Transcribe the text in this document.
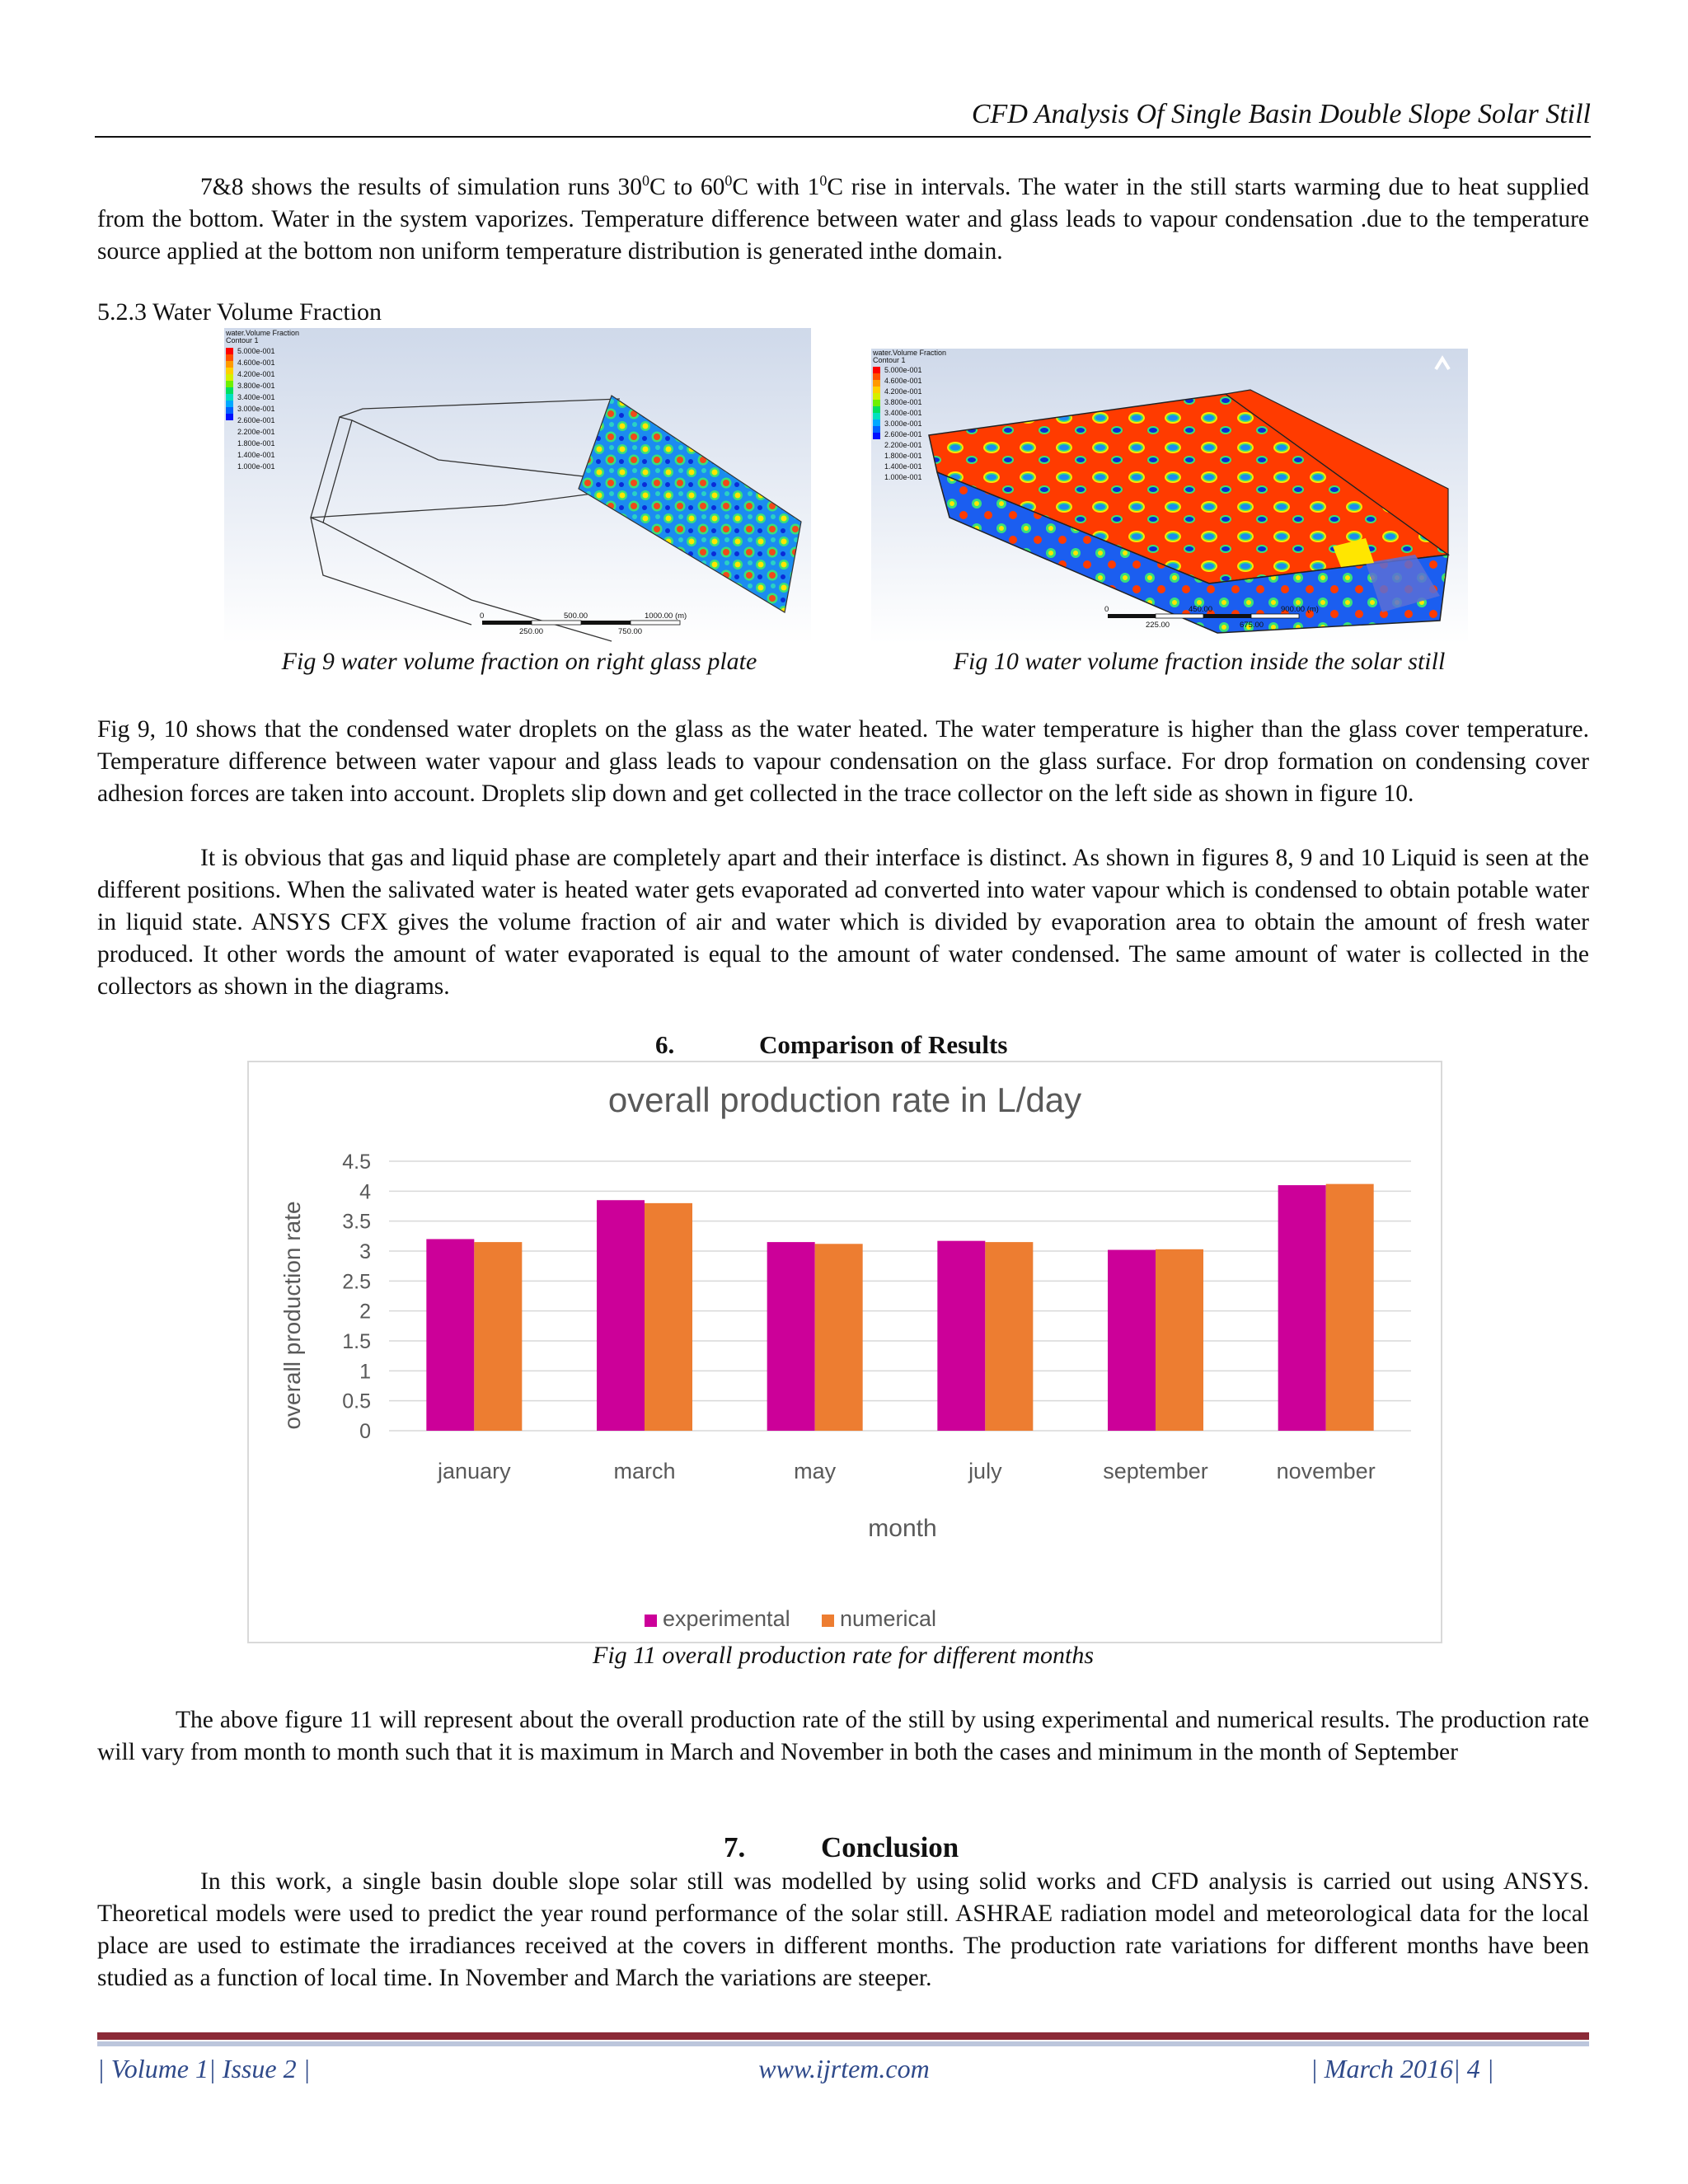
CFD Analysis Of Single Basin Double Slope Solar Still
7&8 shows the results of simulation runs $30^0C$ to $60^0C$ with $1^0C$ rise in intervals. The water in the still starts warming due to heat supplied from the bottom. Water in the system vaporizes. Temperature difference between water and glass leads to vapour condensation .due to the temperature source applied at the bottom non uniform temperature distribution is generated inthe domain.
5.2.3 Water Volume Fraction
water.Volume Fraction
Contour 1
5.000e-001
4.600e-001
4.200e-001
3.800e-001
3.400e-001
3.000e-001
2.600e-001
2.200e-001
1.800e-001
1.400e-001
1.000e-001
0	500.00	1000.00 (m)
250.00	750.00
water.Volume Fraction
Contour 1
5.000e-001
4.600e-001
4.200e-001
3.800e-001
3.400e-001
3.000e-001
2.600e-001
2.200e-001
1.800e-001
1.400e-001
1.000e-001
0	450.00	900.00 (m)
225.00	675.00
Fig 9 water volume fraction on right glass plate	Fig 10 water volume fraction inside the solar still
Fig 9, 10 shows that the condensed water droplets on the glass as the water heated. The water temperature is higher than the glass cover temperature. Temperature difference between water vapour and glass leads to vapour condensation on the glass surface. For drop formation on condensing cover adhesion forces are taken into account. Droplets slip down and get collected in the trace collector on the left side as shown in figure 10.
It is obvious that gas and liquid phase are completely apart and their interface is distinct. As shown in figures 8, 9 and 10 Liquid is seen at the different positions. When the salivated water is heated water gets evaporated ad converted into water vapour which is condensed to obtain potable water in liquid state. ANSYS CFX gives the volume fraction of air and water which is divided by evaporation area to obtain the amount of fresh water produced. It other words the amount of water evaporated is equal to the amount of water condensed. The same amount of water is collected in the collectors as shown in the diagrams.
6.	Comparison of Results
overall production rate in L/day
overall production rate
month
0
0.5
1
1.5
2
2.5
3
3.5
4
4.5
january	march	may	july	september	november
experimental numerical
Fig 11 overall production rate for different months
The above figure 11 will represent about the overall production rate of the still by using experimental and numerical results. The production rate will vary from month to month such that it is maximum in March and November in both the cases and minimum in the month of September
7.	Conclusion
In this work, a single basin double slope solar still was modelled by using solid works and CFD analysis is carried out using ANSYS. Theoretical models were used to predict the year round performance of the solar still. ASHRAE radiation model and meteorological data for the local place are used to estimate the irradiances received at the covers in different months. The production rate variations for different months have been studied as a function of local time. In November and March the variations are steeper.
| Volume 1| Issue 2 |	www.ijrtem.com	| March 2016| 4 |
